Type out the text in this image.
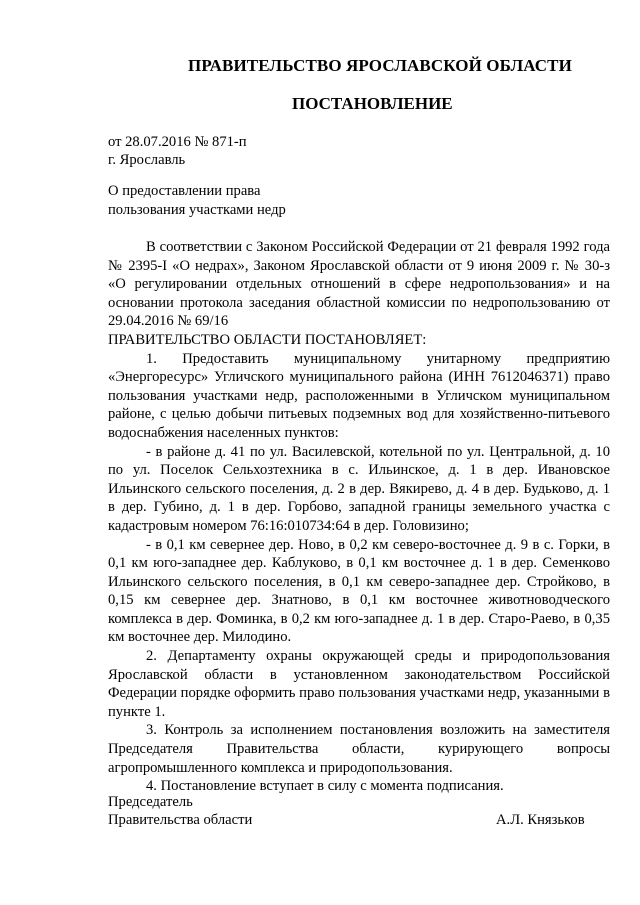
ПРАВИТЕЛЬСТВО ЯРОСЛАВСКОЙ ОБЛАСТИ
ПОСТАНОВЛЕНИЕ
от 28.07.2016 № 871-п
г. Ярославль
О предоставлении права
пользования участками недр

В соответствии с Законом Российской Федерации от 21 февраля 1992 года № 2395-I «О недрах», Законом Ярославской области от 9 июня 2009 г. № 30-з «О регулировании отдельных отношений в сфере недропользования» и на основании протокола заседания областной комиссии по недропользованию от 29.04.2016 № 69/16

ПРАВИТЕЛЬСТВО ОБЛАСТИ ПОСТАНОВЛЯЕТ:

1. Предоставить муниципальному унитарному предприятию «Энергоресурс» Угличского муниципального района (ИНН 7612046371) право пользования участками недр, расположенными в Угличском муниципальном районе, с целью добычи питьевых подземных вод для хозяйственно-питьевого водоснабжения населенных пунктов:

- в районе д. 41 по ул. Василевской, котельной по ул. Центральной, д. 10 по ул. Поселок Сельхозтехника в с. Ильинское, д. 1 в дер. Ивановское Ильинского сельского поселения, д. 2 в дер. Вякирево, д. 4 в дер. Будьково, д. 1 в дер. Губино, д. 1 в дер. Горбово, западной границы земельного участка с кадастровым номером 76:16:010734:64 в дер. Головизино;

- в 0,1 км севернее дер. Ново, в 0,2 км северо-восточнее д. 9 в с. Горки, в 0,1 км юго-западнее дер. Каблуково, в 0,1 км восточнее д. 1 в дер. Семенково Ильинского сельского поселения, в 0,1 км северо-западнее дер. Стройково, в 0,15 км севернее дер. Знатново, в 0,1 км восточнее животноводческого комплекса в дер. Фоминка, в 0,2 км юго-западнее д. 1 в дер. Старо-Раево, в 0,35 км восточнее дер. Милодино.

2. Департаменту охраны окружающей среды и природопользования Ярославской области в установленном законодательством Российской Федерации порядке оформить право пользования участками недр, указанными в пункте 1.

3. Контроль за исполнением постановления возложить на заместителя Председателя Правительства области, курирующего вопросы агропромышленного комплекса и природопользования.

4. Постановление вступает в силу с момента подписания.

Председатель
Правительства области	А.Л. Князьков
